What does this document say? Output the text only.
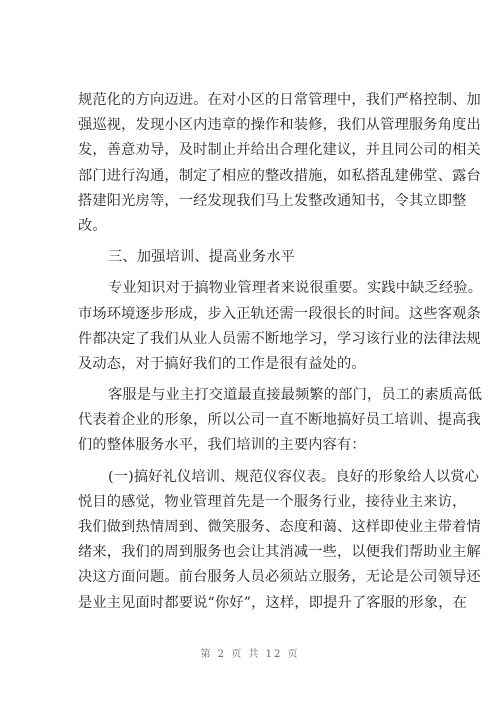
规范化的方向迈进。在对小区的日常管理中，我们严格控制、加
强巡视，发现小区内违章的操作和装修，我们从管理服务角度出
发，善意劝导，及时制止并给出合理化建议，并且同公司的相关
部门进行沟通，制定了相应的整改措施，如私搭乱建佛堂、露台
搭建阳光房等，一经发现我们马上发整改通知书，令其立即整
改。
三、加强培训、提高业务水平
专业知识对于搞物业管理者来说很重要。实践中缺乏经验。
市场环境逐步形成，步入正轨还需一段很长的时间。这些客观条
件都决定了我们从业人员需不断地学习，学习该行业的法律法规
及动态，对于搞好我们的工作是很有益处的。
客服是与业主打交道最直接最频繁的部门，员工的素质高低
代表着企业的形象，所以公司一直不断地搞好员工培训、提高我
们的整体服务水平，我们培训的主要内容有：
(一)搞好礼仪培训、规范仪容仪表。良好的形象给人以赏心
悦目的感觉，物业管理首先是一个服务行业，接待业主来访，
我们做到热情周到、微笑服务、态度和蔼、这样即使业主带着情
绪来，我们的周到服务也会让其消减一些，以便我们帮助业主解
决这方面问题。前台服务人员必须站立服务，无论是公司领导还
是业主见面时都要说“你好”，这样，即提升了客服的形象，在
第 2 页 共 12 页
